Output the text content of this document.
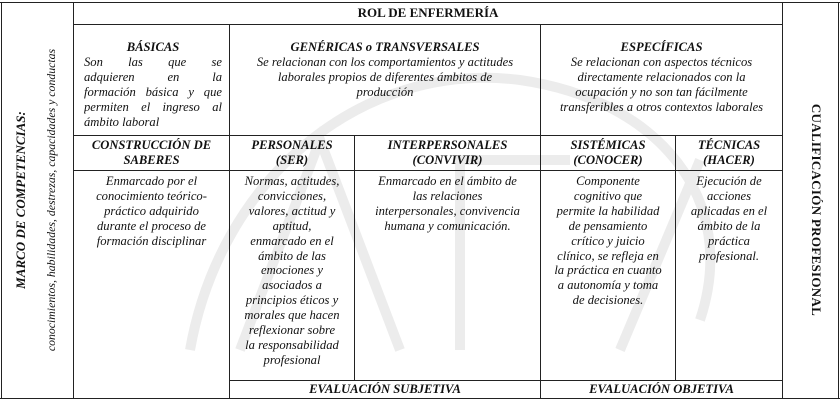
MARCO DE COMPETENCIAS: conocimientos, habilidades, destrezas, capacidades y conductas	CUALIFICACIÓN PROFESIONAL
ROL DE ENFERMERÍA
BÁSICAS
Son las que se
adquieren en la
formación básica y que
permiten el ingreso al
ámbito laboral
GENÉRICAS o TRANSVERSALES
Se relacionan con los comportamientos y actitudes
laborales propios de diferentes ámbitos de
producción
ESPECÍFICAS
Se relacionan con aspectos técnicos
directamente relacionados con la
ocupación y no son tan fácilmente
transferibles a otros contextos laborales
CONSTRUCCIÓN DE
SABERES
PERSONALES
(SER)
INTERPERSONALES
(CONVIVIR)
SISTÉMICAS
(CONOCER)
TÉCNICAS
(HACER)
Enmarcado por el
conocimiento teórico-
práctico adquirido
durante el proceso de
formación disciplinar
Normas, actitudes,
convicciones,
valores, actitud y
aptitud,
enmarcado en el
ámbito de las
emociones y
asociados a
principios éticos y
morales que hacen
reflexionar sobre
la responsabilidad
profesional
Enmarcado en el ámbito de
las relaciones
interpersonales, convivencia
humana y comunicación.
Componente
cognitivo que
permite la habilidad
de pensamiento
crítico y juicio
clínico, se refleja en
la práctica en cuanto
a autonomía y toma
de decisiones.
Ejecución de
acciones
aplicadas en el
ámbito de la
práctica
profesional.
EVALUACIÓN SUBJETIVA	EVALUACIÓN OBJETIVA
